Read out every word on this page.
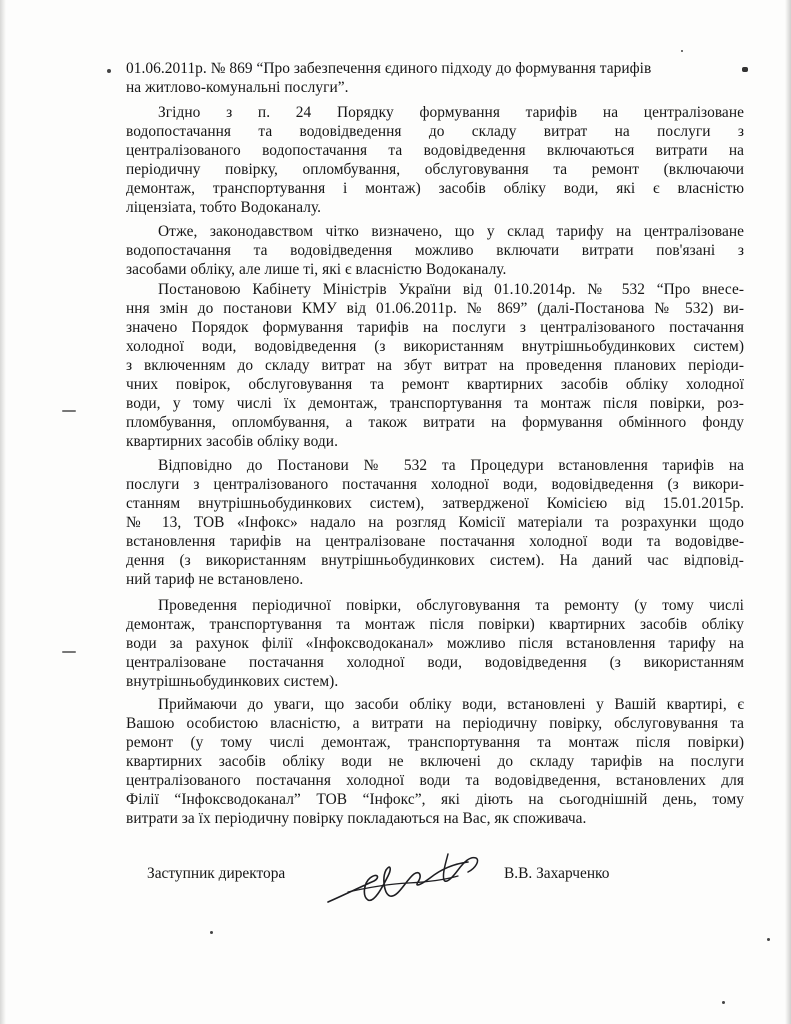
01.06.2011р. № 869 “Про забезпечення єдиного підходу до формування тарифів
на житлово-комунальні послуги”.
Згідно з п. 24 Порядку формування тарифів на централізоване
водопостачання та водовідведення до складу витрат на послуги з
централізованого водопостачання та водовідведення включаються витрати на
періодичну повірку, опломбування, обслуговування та ремонт (включаючи
демонтаж, транспортування і монтаж) засобів обліку води, які є власністю
ліцензіата, тобто Водоканалу.
Отже, законодавством чітко визначено, що у склад тарифу на централізоване
водопостачання та водовідведення можливо включати витрати пов'язані з
засобами обліку, але лише ті, які є власністю Водоканалу.
Постановою Кабінету Міністрів України від 01.10.2014р. № 532 “Про внесе-
ння змін до постанови КМУ від 01.06.2011р. № 869” (далі-Постанова № 532) ви-
значено Порядок формування тарифів на послуги з централізованого постачання
холодної води, водовідведення (з використанням внутрішньобудинкових систем)
з включенням до складу витрат на збут витрат на проведення планових періоди-
чних повірок, обслуговування та ремонт квартирних засобів обліку холодної
води, у тому числі їх демонтаж, транспортування та монтаж після повірки, роз-
пломбування, опломбування, а також витрати на формування обмінного фонду
квартирних засобів обліку води.
Відповідно до Постанови № 532 та Процедури встановлення тарифів на
послуги з централізованого постачання холодної води, водовідведення (з викори-
станням внутрішньобудинкових систем), затвердженої Комісією від 15.01.2015р.
№ 13, ТОВ «Інфокс» надало на розгляд Комісії матеріали та розрахунки щодо
встановлення тарифів на централізоване постачання холодної води та водовідве-
дення (з використанням внутрішньобудинкових систем). На даний час відповід-
ний тариф не встановлено.
Проведення періодичної повірки, обслуговування та ремонту (у тому числі
демонтаж, транспортування та монтаж після повірки) квартирних засобів обліку
води за рахунок філії «Інфоксводоканал» можливо після встановлення тарифу на
централізоване постачання холодної води, водовідведення (з використанням
внутрішньобудинкових систем).
Приймаючи до уваги, що засоби обліку води, встановлені у Вашій квартирі, є
Вашою особистою власністю, а витрати на періодичну повірку, обслуговування та
ремонт (у тому числі демонтаж, транспортування та монтаж після повірки)
квартирних засобів обліку води не включені до складу тарифів на послуги
централізованого постачання холодної води та водовідведення, встановлених для
Філії “Інфоксводоканал” ТОВ “Інфокс”, які діють на сьогоднішній день, тому
витрати за їх періодичну повірку покладаються на Вас, як споживача.
Заступник директора	В.В. Захарченко
